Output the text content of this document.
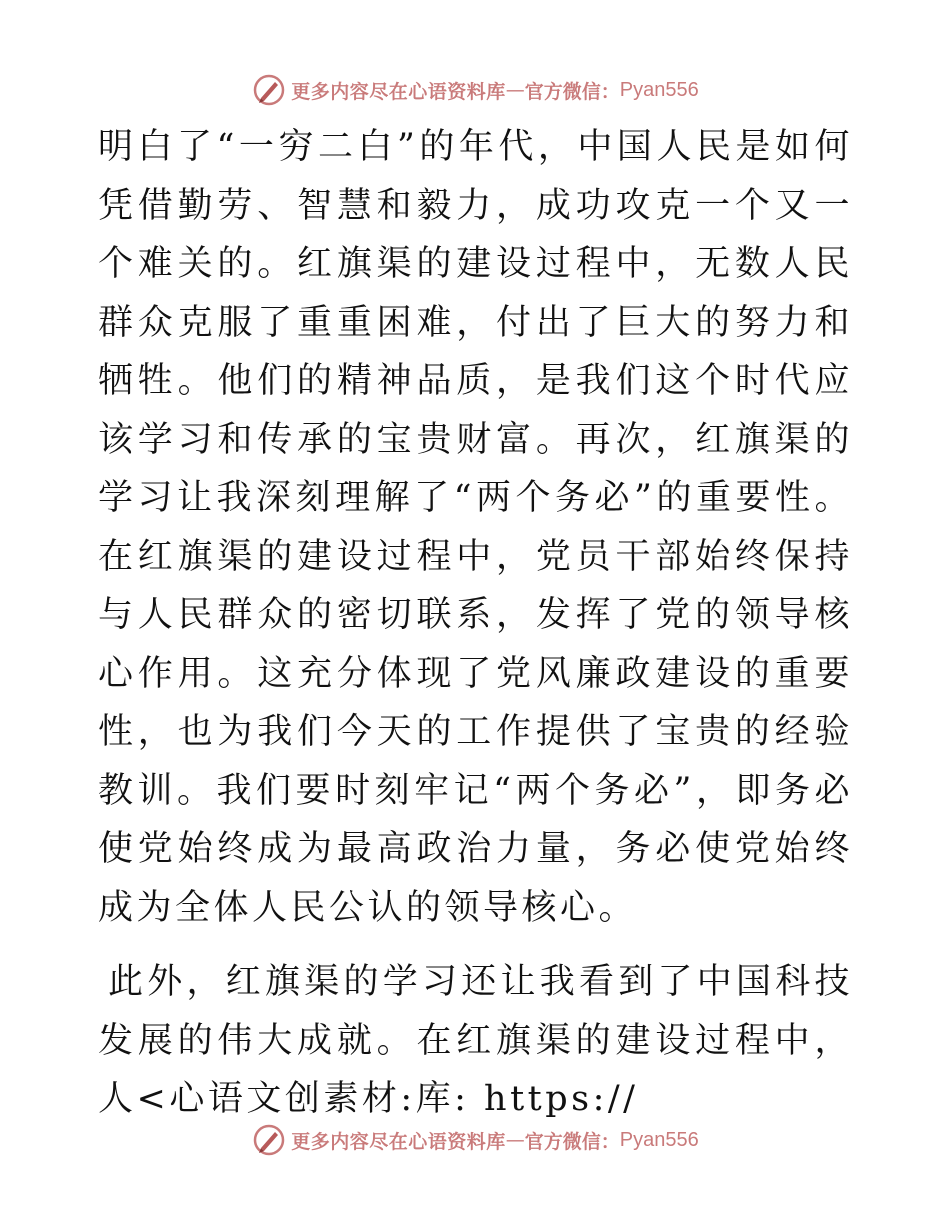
更多内容尽在心语资料库 — 官方微信： Pyan556

明白了“一穷二白”的年代，中国人民是如何凭借勤劳、智慧和毅力，成功攻克一个又一个难关的。红旗渠的建设过程中，无数人民群众克服了重重困难，付出了巨大的努力和牺牲。他们的精神品质，是我们这个时代应该学习和传承的宝贵财富。再次，红旗渠的学习让我深刻理解了“两个务必”的重要性。在红旗渠的建设过程中，党员干部始终保持与人民群众的密切联系，发挥了党的领导核心作用。这充分体现了党风廉政建设的重要性，也为我们今天的工作提供了宝贵的经验教训。我们要时刻牢记“两个务必”，即务必使党始终成为最高政治力量，务必使党始终成为全体人民公认的领导核心。

此外，红旗渠的学习还让我看到了中国科技发展的伟大成就。在红旗渠的建设过程中，人<心语文创素材:库: https://

更多内容尽在心语资料库 — 官方微信： Pyan556
